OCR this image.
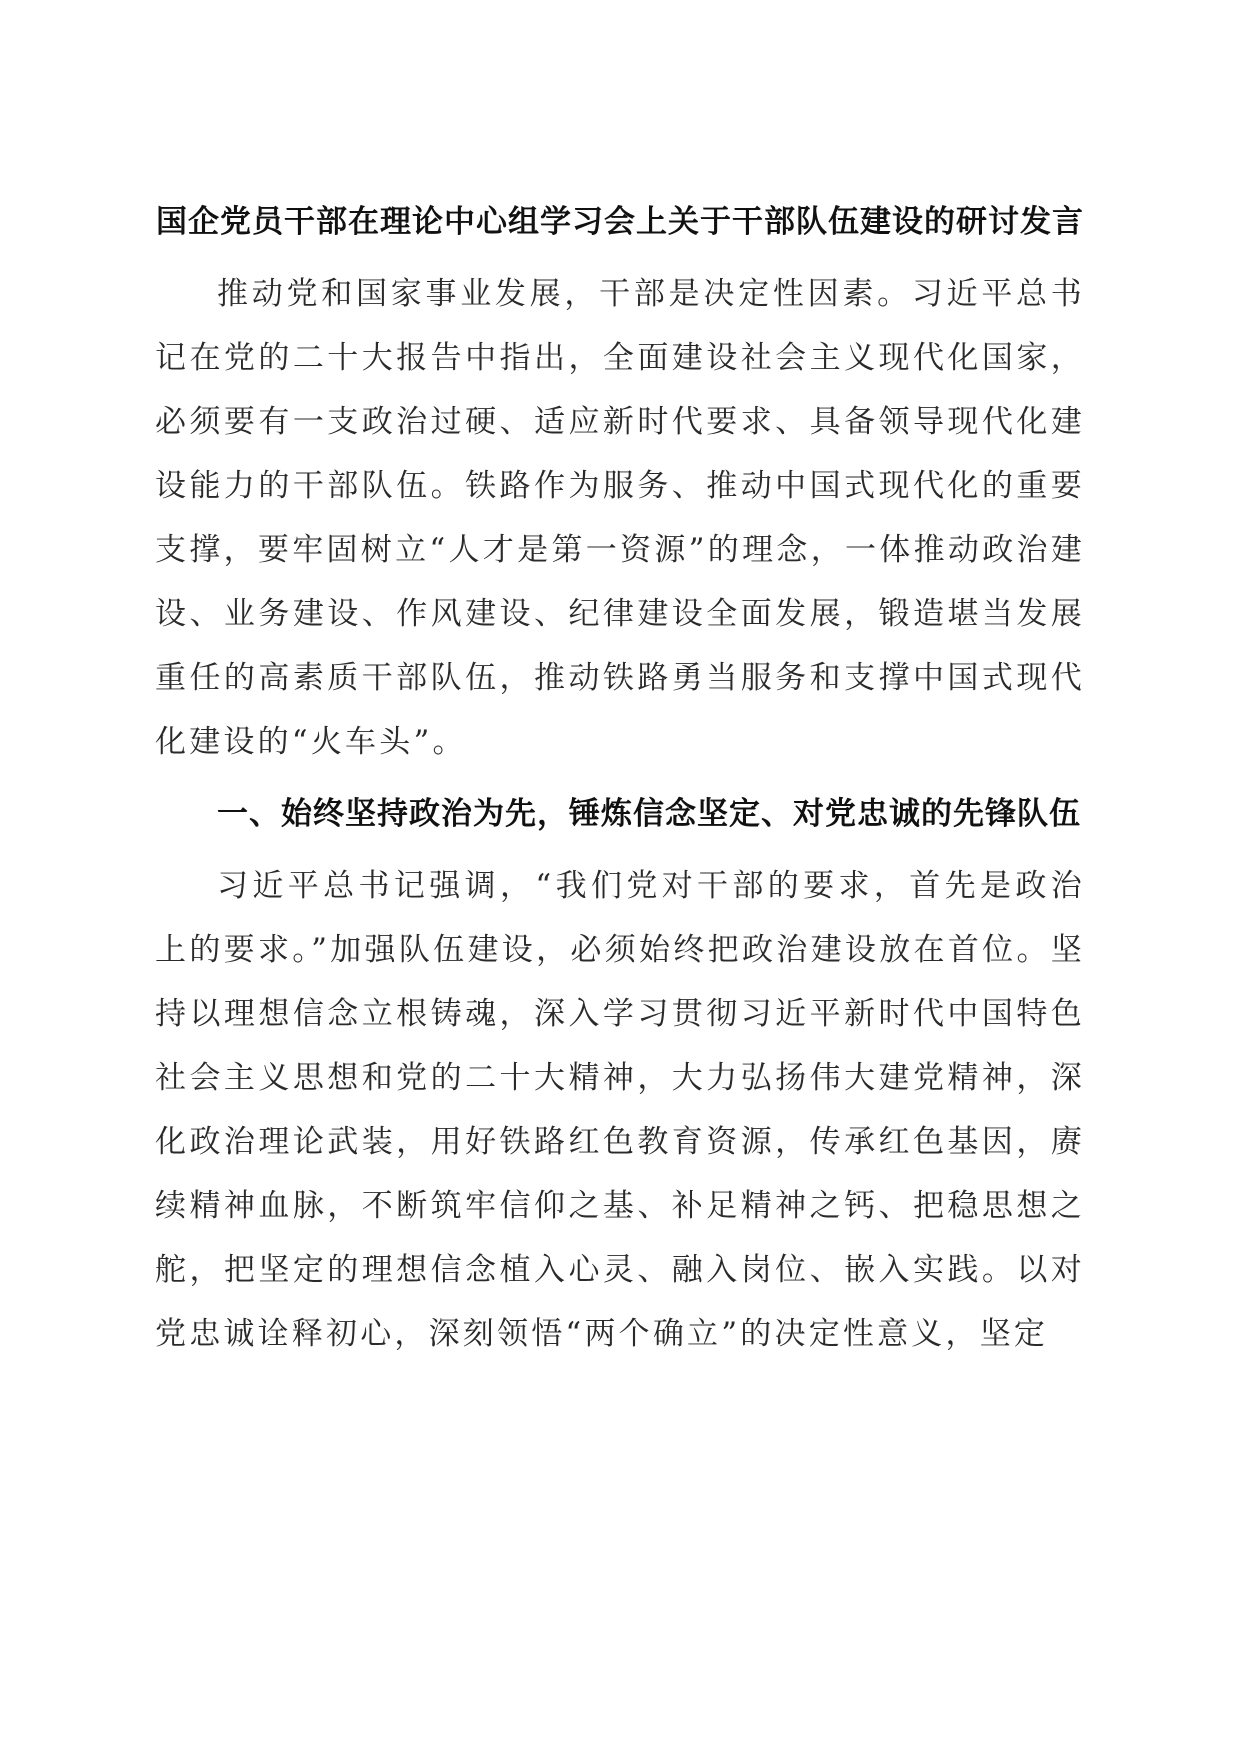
国企党员干部在理论中心组学习会上关于干部队伍建设的研讨发言

推动党和国家事业发展，干部是决定性因素。习近平总书记在党的二十大报告中指出，全面建设社会主义现代化国家，必须要有一支政治过硬、适应新时代要求、具备领导现代化建设能力的干部队伍。铁路作为服务、推动中国式现代化的重要支撑，要牢固树立“人才是第一资源”的理念，一体推动政治建设、业务建设、作风建设、纪律建设全面发展，锻造堪当发展重任的高素质干部队伍，推动铁路勇当服务和支撑中国式现代化建设的“火车头”。

一、始终坚持政治为先，锤炼信念坚定、对党忠诚的先锋队伍

习近平总书记强调，“我们党对干部的要求，首先是政治上的要求。”加强队伍建设，必须始终把政治建设放在首位。坚持以理想信念立根铸魂，深入学习贯彻习近平新时代中国特色社会主义思想和党的二十大精神，大力弘扬伟大建党精神，深化政治理论武装，用好铁路红色教育资源，传承红色基因，赓续精神血脉，不断筑牢信仰之基、补足精神之钙、把稳思想之舵，把坚定的理想信念植入心灵、融入岗位、嵌入实践。以对党忠诚诠释初心，深刻领悟“两个确立”的决定性意义，坚定
